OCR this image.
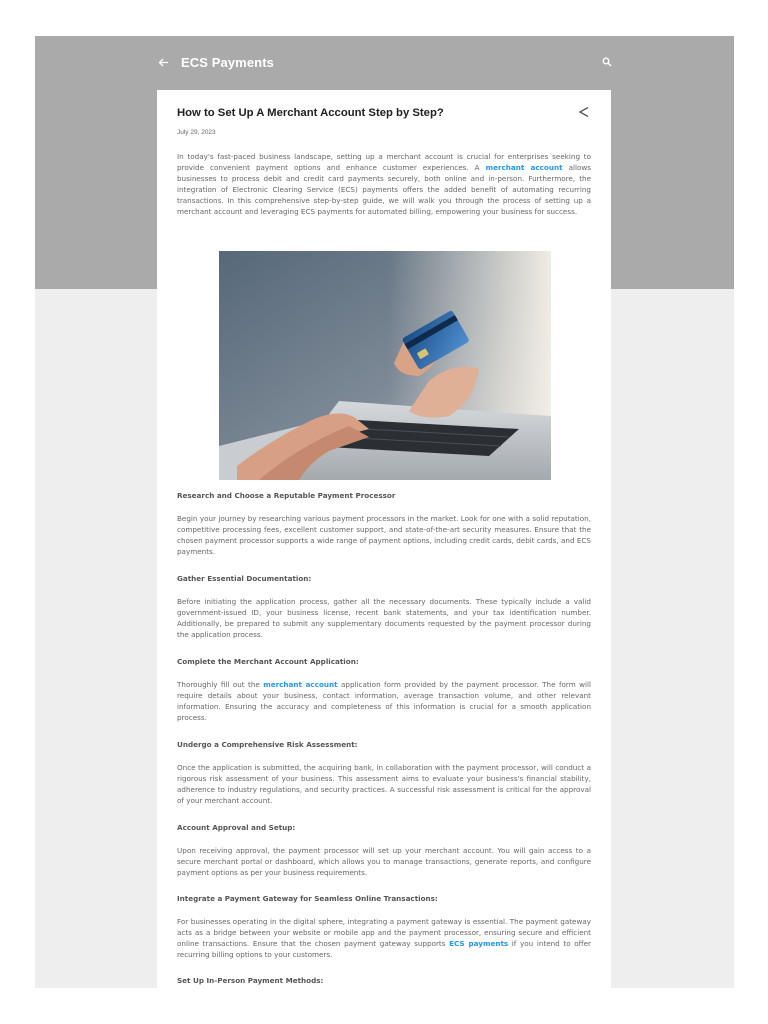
ECS Payments
How to Set Up A Merchant Account Step by Step?
July 29, 2023

In today's fast-paced business landscape, setting up a merchant account is crucial for enterprises seeking to provide convenient payment options and enhance customer experiences. A merchant account allows businesses to process debit and credit card payments securely, both online and in-person. Furthermore, the integration of Electronic Clearing Service (ECS) payments offers the added benefit of automating recurring transactions. In this comprehensive step-by-step guide, we will walk you through the process of setting up a merchant account and leveraging ECS payments for automated billing, empowering your business for success.

Research and Choose a Reputable Payment Processor

Begin your journey by researching various payment processors in the market. Look for one with a solid reputation, competitive processing fees, excellent customer support, and state-of-the-art security measures. Ensure that the chosen payment processor supports a wide range of payment options, including credit cards, debit cards, and ECS payments.

Gather Essential Documentation:

Before initiating the application process, gather all the necessary documents. These typically include a valid government-issued ID, your business license, recent bank statements, and your tax identification number. Additionally, be prepared to submit any supplementary documents requested by the payment processor during the application process.

Complete the Merchant Account Application:

Thoroughly fill out the merchant account application form provided by the payment processor. The form will require details about your business, contact information, average transaction volume, and other relevant information. Ensuring the accuracy and completeness of this information is crucial for a smooth application process.

Undergo a Comprehensive Risk Assessment:

Once the application is submitted, the acquiring bank, in collaboration with the payment processor, will conduct a rigorous risk assessment of your business. This assessment aims to evaluate your business's financial stability, adherence to industry regulations, and security practices. A successful risk assessment is critical for the approval of your merchant account.

Account Approval and Setup:

Upon receiving approval, the payment processor will set up your merchant account. You will gain access to a secure merchant portal or dashboard, which allows you to manage transactions, generate reports, and configure payment options as per your business requirements.

Integrate a Payment Gateway for Seamless Online Transactions:

For businesses operating in the digital sphere, integrating a payment gateway is essential. The payment gateway acts as a bridge between your website or mobile app and the payment processor, ensuring secure and efficient online transactions. Ensure that the chosen payment gateway supports ECS payments if you intend to offer recurring billing options to your customers.

Set Up In-Person Payment Methods:
